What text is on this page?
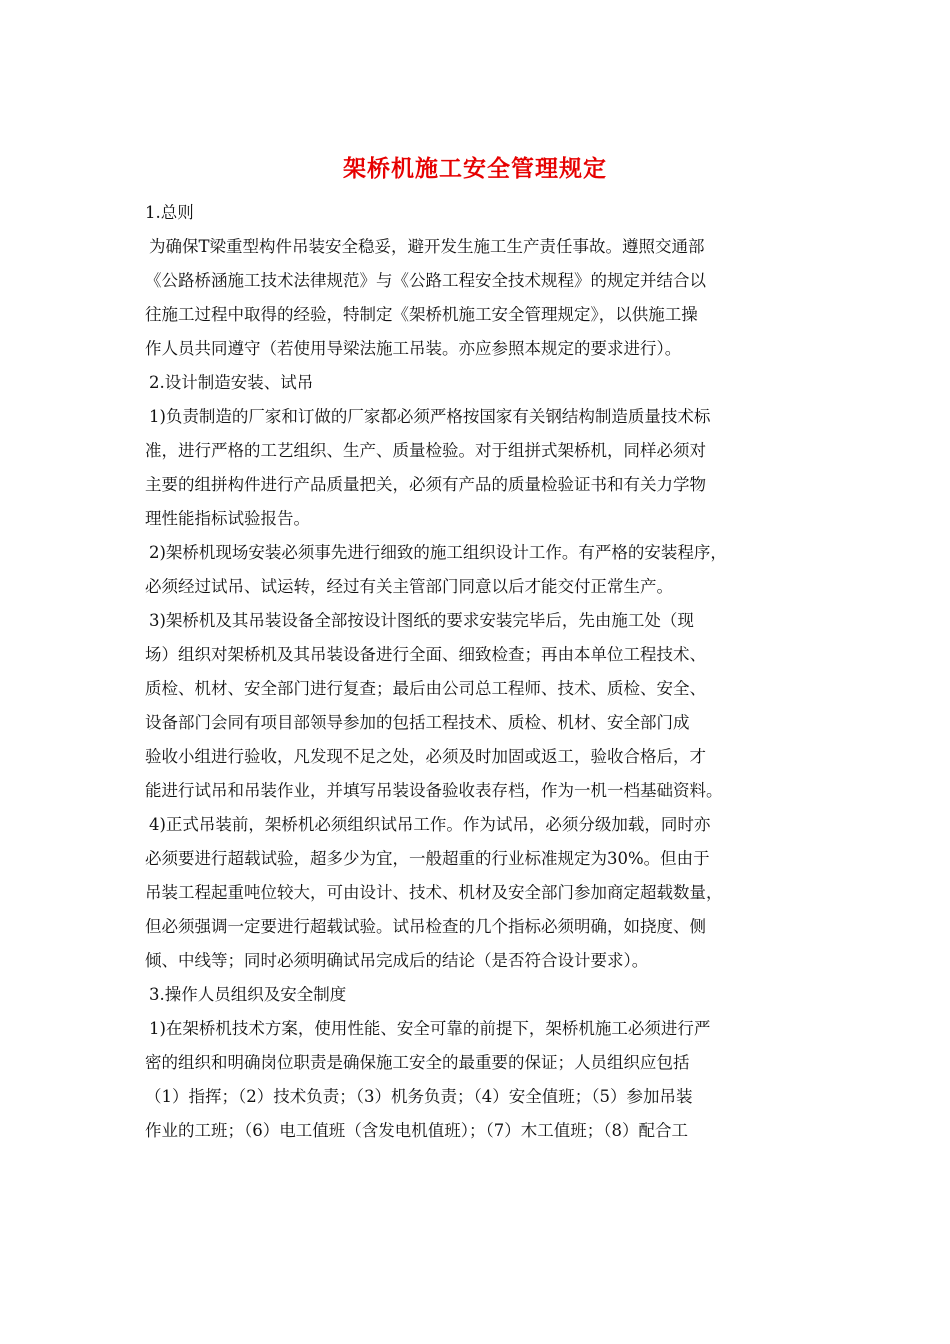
架桥机施工安全管理规定
1.总则
为确保T梁重型构件吊装安全稳妥，避开发生施工生产责任事故。遵照交通部
《公路桥涵施工技术法律规范》与《公路工程安全技术规程》的规定并结合以
往施工过程中取得的经验，特制定《架桥机施工安全管理规定》，以供施工操
作人员共同遵守（若使用导梁法施工吊装。亦应参照本规定的要求进行）。
2.设计制造安装、试吊
1)负责制造的厂家和订做的厂家都必须严格按国家有关钢结构制造质量技术标
准，进行严格的工艺组织、生产、质量检验。对于组拼式架桥机，同样必须对
主要的组拼构件进行产品质量把关，必须有产品的质量检验证书和有关力学物
理性能指标试验报告。
2)架桥机现场安装必须事先进行细致的施工组织设计工作。有严格的安装程序，
必须经过试吊、试运转，经过有关主管部门同意以后才能交付正常生产。
3)架桥机及其吊装设备全部按设计图纸的要求安装完毕后，先由施工处（现
场）组织对架桥机及其吊装设备进行全面、细致检查；再由本单位工程技术、
质检、机材、安全部门进行复查；最后由公司总工程师、技术、质检、安全、
设备部门会同有项目部领导参加的包括工程技术、质检、机材、安全部门成
验收小组进行验收，凡发现不足之处，必须及时加固或返工，验收合格后，才
能进行试吊和吊装作业，并填写吊装设备验收表存档，作为一机一档基础资料。
4)正式吊装前，架桥机必须组织试吊工作。作为试吊，必须分级加载，同时亦
必须要进行超载试验，超多少为宜，一般超重的行业标准规定为30%。但由于
吊装工程起重吨位较大，可由设计、技术、机材及安全部门参加商定超载数量，
但必须强调一定要进行超载试验。试吊检查的几个指标必须明确，如挠度、侧
倾、中线等；同时必须明确试吊完成后的结论（是否符合设计要求）。
3.操作人员组织及安全制度
1)在架桥机技术方案，使用性能、安全可靠的前提下，架桥机施工必须进行严
密的组织和明确岗位职责是确保施工安全的最重要的保证；人员组织应包括
（1）指挥；（2）技术负责；（3）机务负责；（4）安全值班；（5）参加吊装
作业的工班；（6）电工值班（含发电机值班）；（7）木工值班；（8）配合工
